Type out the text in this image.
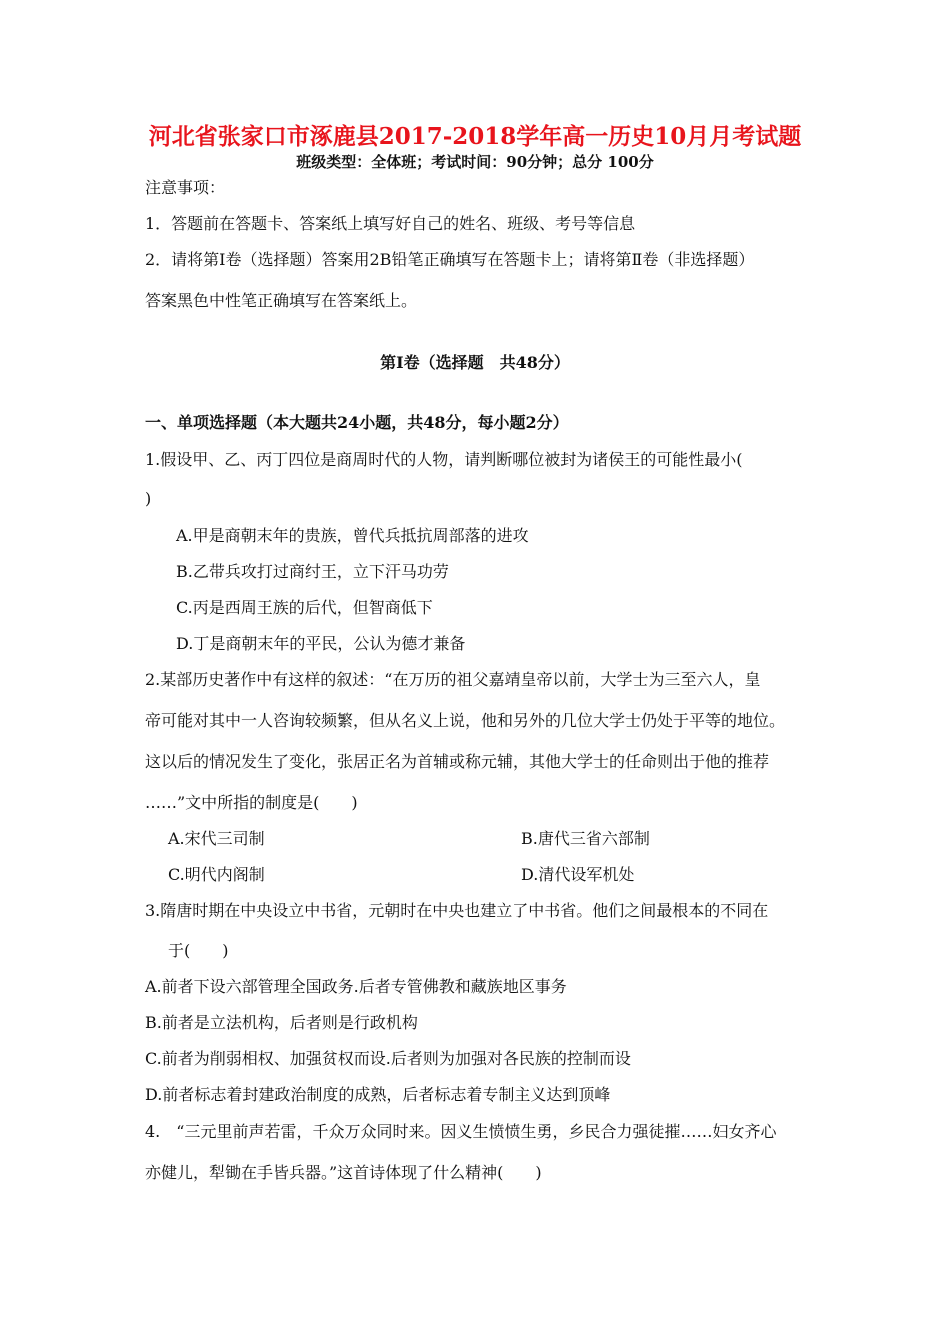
河北省张家口市涿鹿县2017-2018学年高一历史10月月考试题
班级类型：全体班；考试时间：90分钟；总分 100分
注意事项：
1．答题前在答题卡、答案纸上填写好自己的姓名、班级、考号等信息
2．请将第Ⅰ卷（选择题）答案用2B铅笔正确填写在答题卡上；请将第Ⅱ卷（非选择题）
答案黑色中性笔正确填写在答案纸上。
第Ⅰ卷（选择题　共48分）
一、单项选择题（本大题共24小题，共48分，每小题2分）
1.假设甲、乙、丙丁四位是商周时代的人物，请判断哪位被封为诸侯王的可能性最小(
)
A.甲是商朝末年的贵族，曾代兵抵抗周部落的进攻
B.乙带兵攻打过商纣王，立下汗马功劳
C.丙是西周王族的后代，但智商低下
D.丁是商朝末年的平民，公认为德才兼备
2.某部历史著作中有这样的叙述：“在万历的祖父嘉靖皇帝以前，大学士为三至六人，皇
帝可能对其中一人咨询较频繁，但从名义上说，他和另外的几位大学士仍处于平等的地位。
这以后的情况发生了变化，张居正名为首辅或称元辅，其他大学士的任命则出于他的推荐
……”文中所指的制度是(　　)
A.宋代三司制	B.唐代三省六部制
C.明代内阁制	D.清代设军机处
3.隋唐时期在中央设立中书省，元朝时在中央也建立了中书省。他们之间最根本的不同在
于(　　)
A.前者下设六部管理全国政务.后者专管佛教和藏族地区事务
B.前者是立法机构，后者则是行政机构
C.前者为削弱相权、加强贫权而设.后者则为加强对各民族的控制而设
D.前者标志着封建政治制度的成熟，后者标志着专制主义达到顶峰
4.　“三元里前声若雷，千众万众同时来。因义生愤愤生勇，乡民合力强徒摧……妇女齐心
亦健儿，犁锄在手皆兵器。”这首诗体现了什么精神(　　)
